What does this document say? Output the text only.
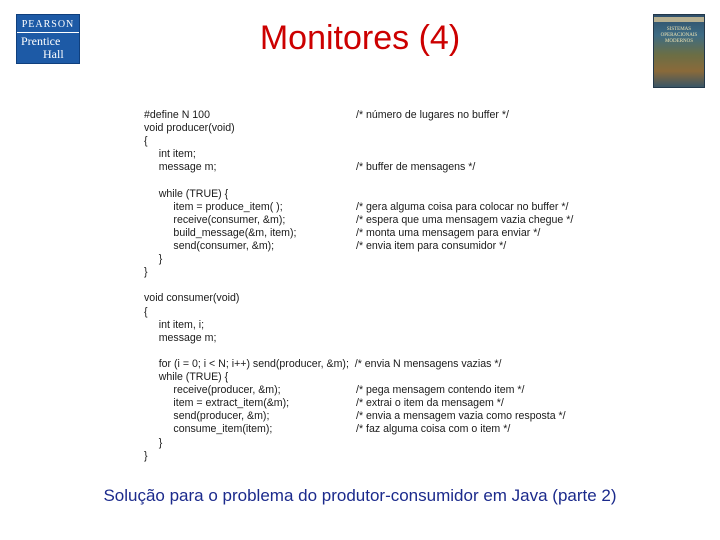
PEARSON
Prentice
Hall	Monitores (4)	SISTEMAS
OPERACIONAIS
MODERNOS
#define N 100	/* número de lugares no buffer */
void producer(void)
{
int item;
message m;	/* buffer de mensagens */
while (TRUE) {
item = produce_item( );	/* gera alguma coisa para colocar no buffer */
receive(consumer, &m);	/* espera que uma mensagem vazia chegue */
build_message(&m, item);	/* monta uma mensagem para enviar */
send(consumer, &m);	/* envia item para consumidor */
}
}
void consumer(void)
{
int item, i;
message m;
for (i = 0; i < N; i++) send(producer, &m);  /* envia N mensagens vazias */
while (TRUE) {
receive(producer, &m);	/* pega mensagem contendo item */
item = extract_item(&m);	/* extrai o item da mensagem */
send(producer, &m);	/* envia a mensagem vazia como resposta */
consume_item(item);	/* faz alguma coisa com o item */
}
}
Solução para o problema do produtor-consumidor em Java (parte 2)
